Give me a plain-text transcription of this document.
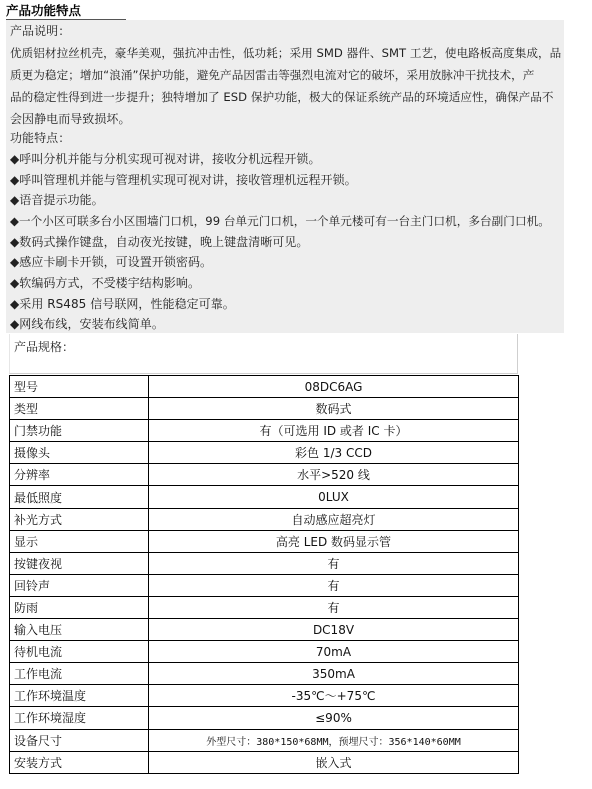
产品功能特点
产品说明：
优质铝材拉丝机壳，豪华美观，强抗冲击性，低功耗；采用 SMD 器件、SMT 工艺，使电路板高度集成，品
质更为稳定；增加“浪涌”保护功能，避免产品因雷击等强烈电流对它的破坏，采用放脉冲干扰技术，产
品的稳定性得到进一步提升；独特增加了 ESD 保护功能，极大的保证系统产品的环境适应性，确保产品不
会因静电而导致损坏。
功能特点：
◆呼叫分机并能与分机实现可视对讲，接收分机远程开锁。
◆呼叫管理机并能与管理机实现可视对讲，接收管理机远程开锁。
◆语音提示功能。
◆一个小区可联多台小区围墙门口机，99 台单元门口机，一个单元楼可有一台主门口机，多台副门口机。
◆数码式操作键盘，自动夜光按键，晚上键盘清晰可见。
◆感应卡刷卡开锁，可设置开锁密码。
◆软编码方式，不受楼宇结构影响。
◆采用 RS485 信号联网，性能稳定可靠。
◆网线布线，安装布线简单。
产品规格：
型号	08DC6AG
类型	数码式
门禁功能	有（可选用 ID 或者 IC 卡）
摄像头	彩色 1/3 CCD
分辨率	水平>520 线
最低照度	0LUX
补光方式	自动感应超亮灯
显示	高亮 LED 数码显示管
按键夜视	有
回铃声	有
防雨	有
输入电压	DC18V
待机电流	70mA
工作电流	350mA
工作环境温度	-35℃～+75℃
工作环境湿度	≤90%
设备尺寸	外型尺寸：380*150*68MM，预埋尺寸：356*140*60MM
安装方式	嵌入式
